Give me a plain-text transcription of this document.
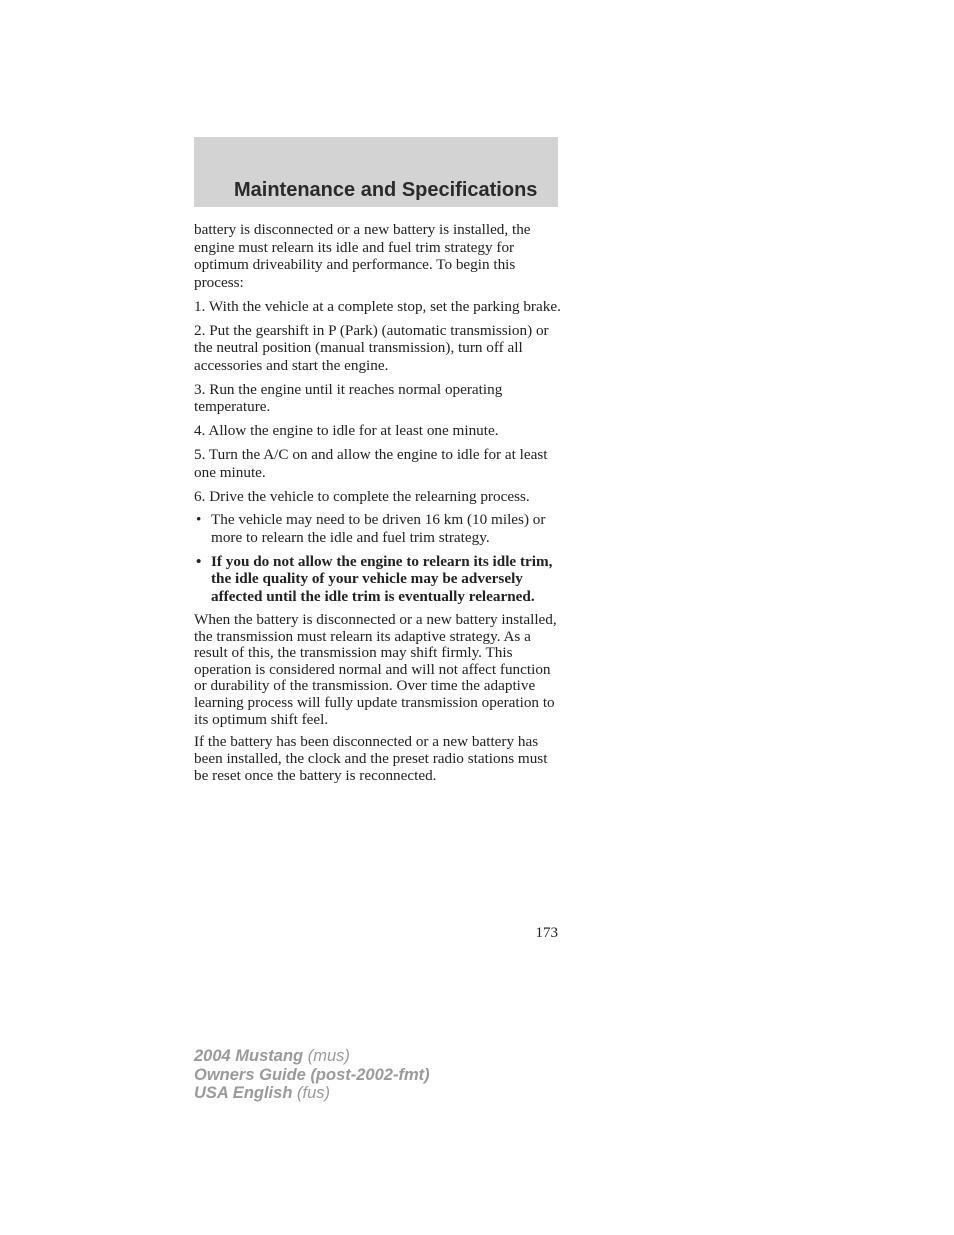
Maintenance and Specifications

battery is disconnected or a new battery is installed, the engine must relearn its idle and fuel trim strategy for optimum driveability and performance. To begin this process:

1. With the vehicle at a complete stop, set the parking brake.

2. Put the gearshift in P (Park) (automatic transmission) or the neutral position (manual transmission), turn off all accessories and start the engine.

3. Run the engine until it reaches normal operating temperature.

4. Allow the engine to idle for at least one minute.

5. Turn the A/C on and allow the engine to idle for at least one minute.

6. Drive the vehicle to complete the relearning process.

• The vehicle may need to be driven 16 km (10 miles) or more to relearn the idle and fuel trim strategy.
• If you do not allow the engine to relearn its idle trim, the idle quality of your vehicle may be adversely affected until the idle trim is eventually relearned.

When the battery is disconnected or a new battery installed, the transmission must relearn its adaptive strategy. As a result of this, the transmission may shift firmly. This operation is considered normal and will not affect function or durability of the transmission. Over time the adaptive learning process will fully update transmission operation to its optimum shift feel.

If the battery has been disconnected or a new battery has been installed, the clock and the preset radio stations must be reset once the battery is reconnected.

173
2004 Mustang (mus)
Owners Guide (post-2002-fmt)
USA English (fus)
